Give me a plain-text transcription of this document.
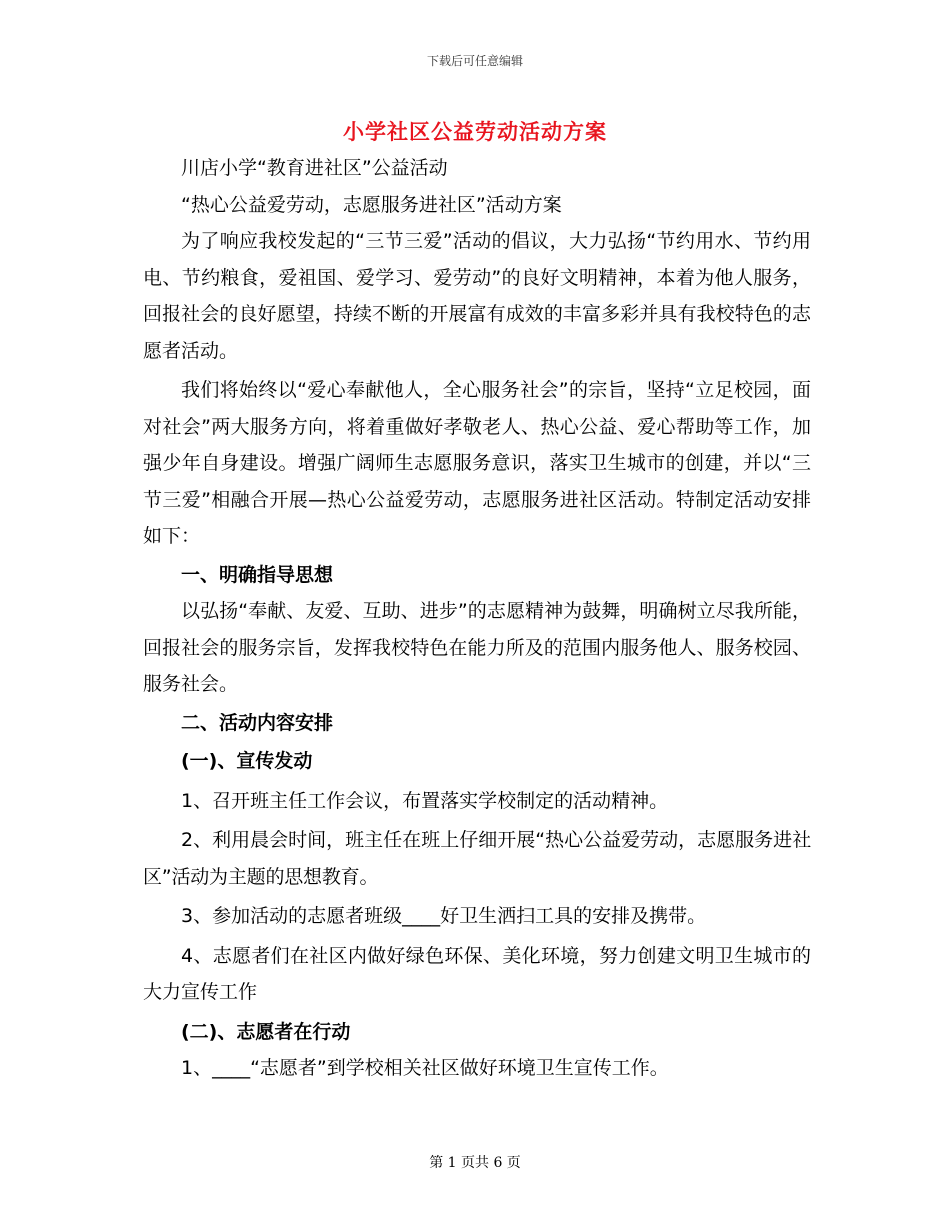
下载后可任意编辑
小学社区公益劳动活动方案

川店小学“教育进社区”公益活动

“热心公益爱劳动，志愿服务进社区”活动方案

为了响应我校发起的“三节三爱”活动的倡议，大力弘扬“节约用水、节约用电、节约粮食，爱祖国、爱学习、爱劳动”的良好文明精神，本着为他人服务，回报社会的良好愿望，持续不断的开展富有成效的丰富多彩并具有我校特色的志愿者活动。

我们将始终以“爱心奉献他人，全心服务社会”的宗旨，坚持“立足校园，面对社会”两大服务方向，将着重做好孝敬老人、热心公益、爱心帮助等工作，加强少年自身建设。增强广阔师生志愿服务意识，落实卫生城市的创建，并以“三节三爱”相融合开展—热心公益爱劳动，志愿服务进社区活动。特制定活动安排如下：

一、明确指导思想

以弘扬“奉献、友爱、互助、进步”的志愿精神为鼓舞，明确树立尽我所能，回报社会的服务宗旨，发挥我校特色在能力所及的范围内服务他人、服务校园、服务社会。

二、活动内容安排

(一)、宣传发动

1、召开班主任工作会议，布置落实学校制定的活动精神。

2、利用晨会时间，班主任在班上仔细开展“热心公益爱劳动，志愿服务进社区”活动为主题的思想教育。

3、参加活动的志愿者班级____好卫生洒扫工具的安排及携带。

4、志愿者们在社区内做好绿色环保、美化环境，努力创建文明卫生城市的大力宣传工作

(二)、志愿者在行动

1、____“志愿者”到学校相关社区做好环境卫生宣传工作。

第 1 页共 6 页
